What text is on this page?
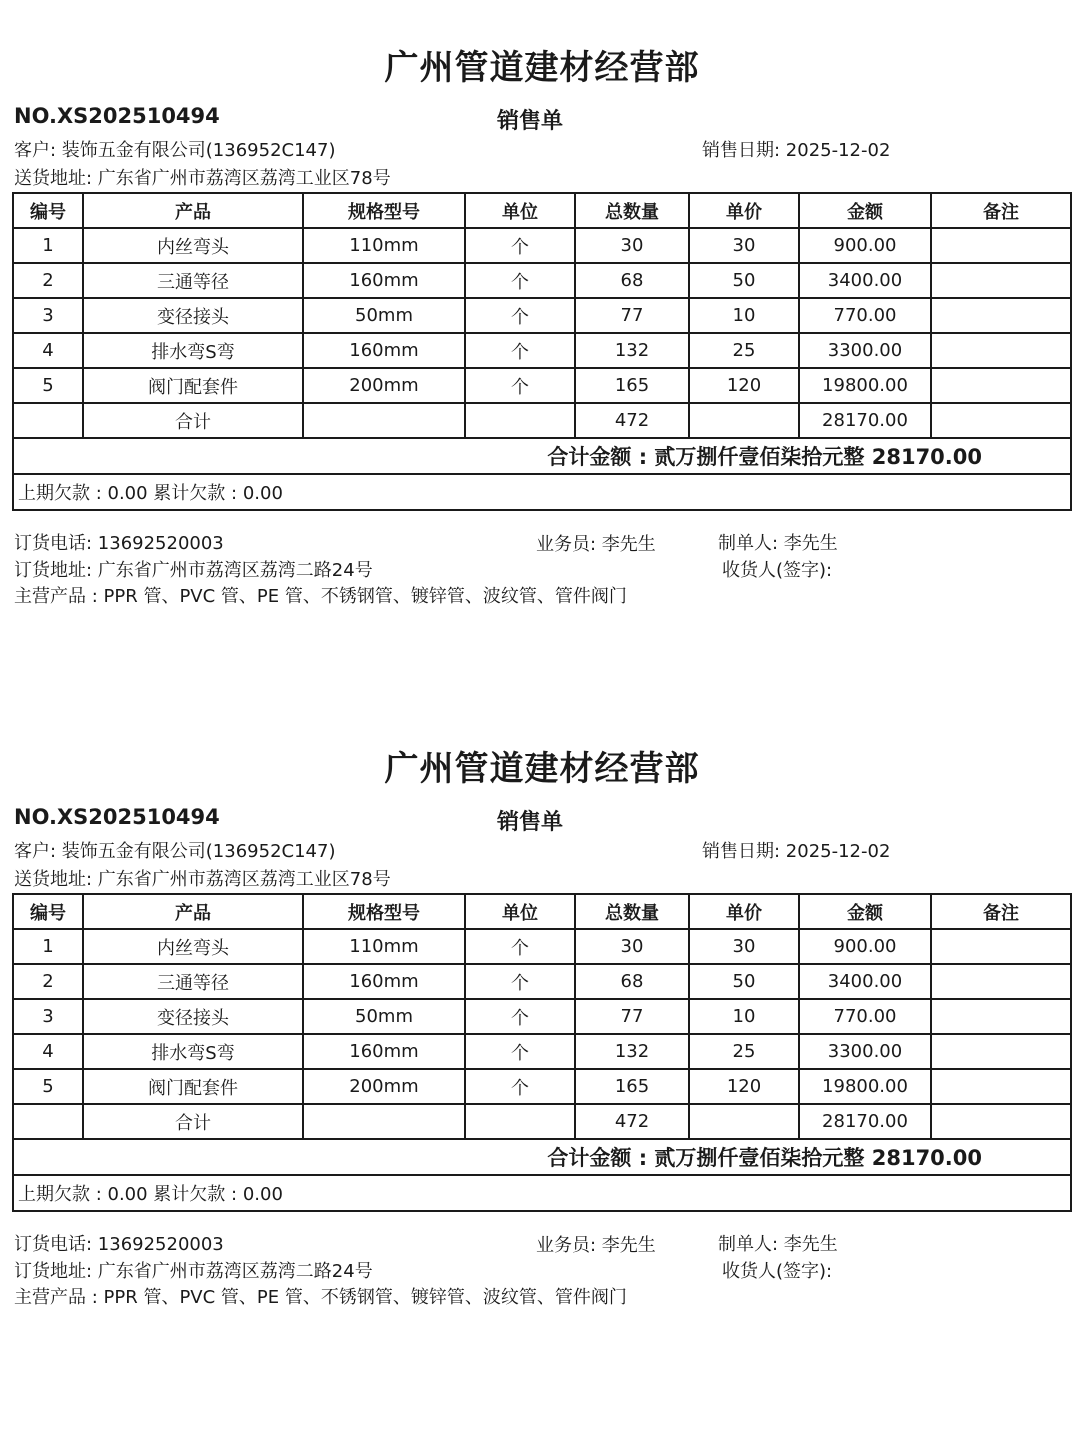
广州管道建材经营部
NO.XS202510494	销售单
客户: 装饰五金有限公司(136952C147)	销售日期: 2025-12-02
送货地址: 广东省广州市荔湾区荔湾工业区78号
编号	产品	规格型号	单位	总数量	单价	金额	备注
1	内丝弯头	110mm	个	30	30	900.00	
2	三通等径	160mm	个	68	50	3400.00	
3	变径接头	50mm	个	77	10	770.00	
4	排水弯S弯	160mm	个	132	25	3300.00	
5	阀门配套件	200mm	个	165	120	19800.00	
	合计			472		28170.00	
合计金额 : 贰万捌仟壹佰柒拾元整 28170.00							
上期欠款 : 0.00 累计欠款 : 0.00							
订货电话: 13692520003	业务员: 李先生	制单人: 李先生
订货地址: 广东省广州市荔湾区荔湾二路24号	收货人(签字):
主营产品 : PPR 管、PVC 管、PE 管、不锈钢管、镀锌管、波纹管、管件阀门
广州管道建材经营部
NO.XS202510494	销售单
客户: 装饰五金有限公司(136952C147)	销售日期: 2025-12-02
送货地址: 广东省广州市荔湾区荔湾工业区78号
编号	产品	规格型号	单位	总数量	单价	金额	备注
1	内丝弯头	110mm	个	30	30	900.00	
2	三通等径	160mm	个	68	50	3400.00	
3	变径接头	50mm	个	77	10	770.00	
4	排水弯S弯	160mm	个	132	25	3300.00	
5	阀门配套件	200mm	个	165	120	19800.00	
	合计			472		28170.00	
合计金额 : 贰万捌仟壹佰柒拾元整 28170.00							
上期欠款 : 0.00 累计欠款 : 0.00							
订货电话: 13692520003	业务员: 李先生	制单人: 李先生
订货地址: 广东省广州市荔湾区荔湾二路24号	收货人(签字):
主营产品 : PPR 管、PVC 管、PE 管、不锈钢管、镀锌管、波纹管、管件阀门
